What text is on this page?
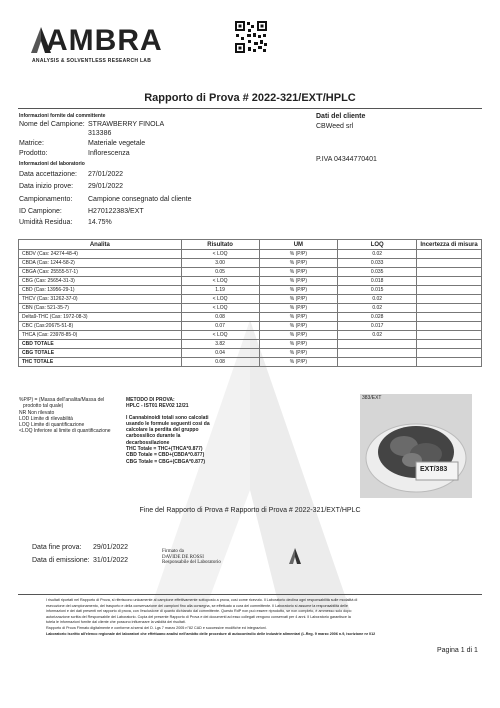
AMBRA
ANALYSIS & SOLVENTLESS RESEARCH LAB
Rapporto di Prova # 2022-321/EXT/HPLC
Informazioni fornite dal committente
Nome del Campione: STRAWBERRY FINOLA
313386
Matrice:	Materiale vegetale
Prodotto:	Inflorescenza
Informazioni del laboratorio
Data accettazione: 27/01/2022
Data inizio prove: 29/01/2022
Campionamento: Campione consegnato dal cliente
ID Campione:	H270122383/EXT
Umidità Residua: 14.75%
Dati del cliente
CBWeed srl
P.IVA 04344770401
Analita	Risultato	UM	LOQ	Incertezza di misura
CBDV (Cas: 24274-48-4)	< LOQ	% (P/P)	0.02	
CBDA (Cas: 1244-58-2)	3.00	% (P/P)	0.033	
CBGA (Cas: 25555-57-1)	0.05	% (P/P)	0.035	
CBG (Cas: 25654-31-3)	< LOQ	% (P/P)	0.018	
CBD (Cas: 13956-29-1)	1.19	% (P/P)	0.015	
THCV (Cas: 31262-37-0)	< LOQ	% (P/P)	0.02	
CBN (Cas: 521-35-7)	< LOQ	% (P/P)	0.02	
Delta9-THC (Cas: 1972-08-3)	0.08	% (P/P)	0.028	
CBC (Cas:20675-51-8)	0.07	% (P/P)	0.017	
THCA (Cas: 23978-85-0)	< LOQ	% (P/P)	0.02	
CBD TOTALE	3.82	% (P/P)		
CBG TOTALE	0.04	% (P/P)		
THC TOTALE	0.08	% (P/P)		
%P/P) = (Massa dell'analita/Massa del
prodotto tal quale)
NR Non rilevato
LOD Limite di rilevabilità
LOQ Limite di quantificazione
<LOQ Inferiore al limite di quantificazione
METODO DI PROVA:
HPLC - IST01 REV02 12/21
I Cannabinoidi totali sono calcolati
usando le formule seguenti così da
calcolare la perdita del gruppo
carbossilico durante la
decarbossilazione
THC Totale = THC+(THCA*0.877)
CBD Totale = CBD+(CBDA*0.877)
CBG Totale = CBG+(CBGA*0.877)
383/EXT
EXT/383
Fine del Rapporto di Prova # Rapporto di Prova # 2022-321/EXT/HPLC
Data fine prova: 29/01/2022
Data di emissione: 31/01/2022
Firmato da
DAVIDE DE ROSSI
Responsabile del Laboratorio
I risultati riportati nel Rapporto di Prova, si riferiscono unicamente al campione effettivamente sottoposto a prova, così come ricevuto. Il Laboratorio declina ogni responsabilità sulle modalità di
esecuzione del campionamento, del trasporto e della conservazione dei campioni fino alla consegna, se effettuato a cura del committente. Il Laboratorio si assume la responsabilità delle
informazioni e dei dati presenti nel rapporto di prova, con l'esclusione di quanto dichiarato dal committente. Questo RdP non può essere riprodotto, se non completo, è ammesso solo dopo
autorizzazione scritta del Responsabile del Laboratorio. Copia del presente Rapporto di Prova e dei documenti ad esso collegati vengono conservati per 4 anni. Il Laboratorio garantisce la
tutela le informazioni fornite dal cliente che possono influenzare la validità dei risultati.
Rapporto di Prova Firmato digitalmente e conforme ai sensi del D. Lgs 7 marzo 2005 n°82 CAD e successive modifiche ed integrazioni.
Laboratorio iscritto all'elenco regionale dei laboratori che effettuano analisi nell'ambito delle procedure di autocontrollo delle industrie alimentari (L.Reg. 9 marzo 2006 n.9, iscrizione nr 012
Pagina 1 di 1
